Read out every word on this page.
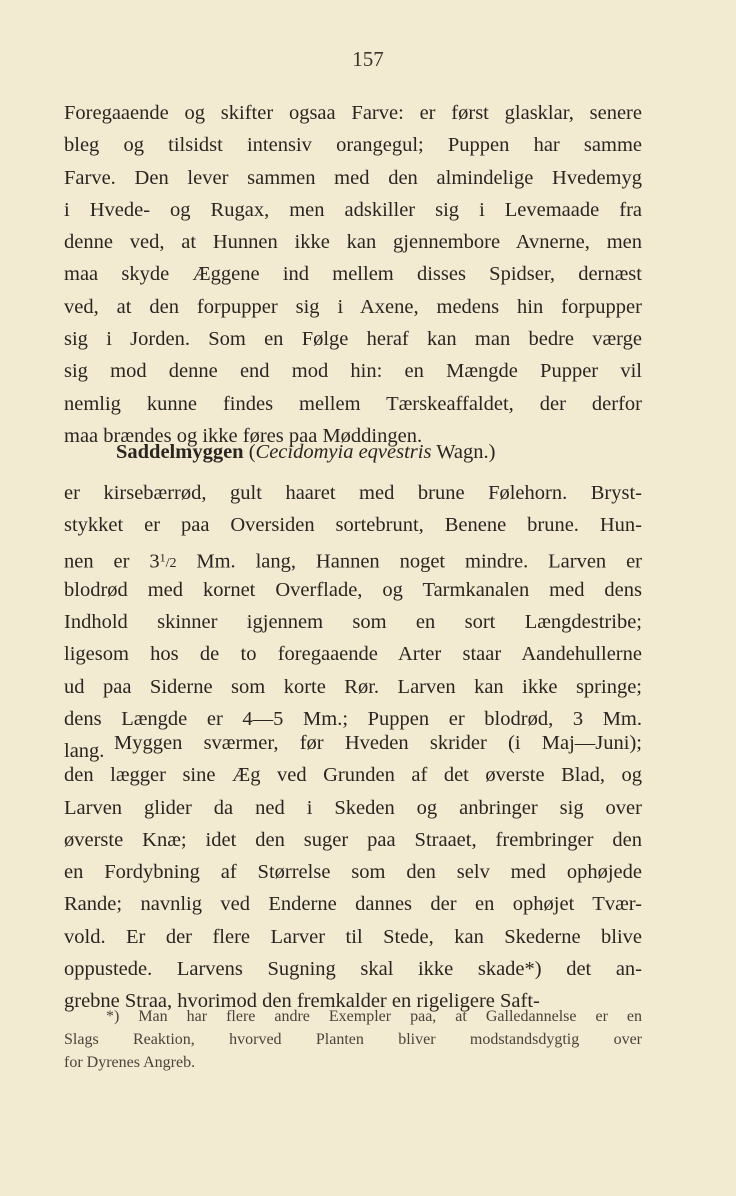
157
Foregaaende og skifter ogsaa Farve: er først glasklar, senere
bleg og tilsidst intensiv orangegul; Puppen har samme
Farve. Den lever sammen med den almindelige Hvedemyg
i Hvede- og Rugax, men adskiller sig i Levemaade fra
denne ved, at Hunnen ikke kan gjennembore Avnerne, men
maa skyde Æggene ind mellem disses Spidser, dernæst
ved, at den forpupper sig i Axene, medens hin forpupper
sig i Jorden. Som en Følge heraf kan man bedre værge
sig mod denne end mod hin: en Mængde Pupper vil
nemlig kunne findes mellem Tærskeaffaldet, der derfor
maa brændes og ikke føres paa Møddingen.
Saddelmyggen (Cecidomyia eqvestris Wagn.)
er kirsebærrød, gult haaret med brune Følehorn. Bryst-
stykket er paa Oversiden sortebrunt, Benene brune. Hun-
nen er $3^1/2$ Mm. lang, Hannen noget mindre. Larven er
blodrød med kornet Overflade, og Tarmkanalen med dens
Indhold skinner igjennem som en sort Længdestribe;
ligesom hos de to foregaaende Arter staar Aandehullerne
ud paa Siderne som korte Rør. Larven kan ikke springe;
dens Længde er 4—5 Mm.; Puppen er blodrød, 3 Mm.
lang. Myggen sværmer, før Hveden skrider (i Maj—Juni);
den lægger sine Æg ved Grunden af det øverste Blad, og
Larven glider da ned i Skeden og anbringer sig over
øverste Knæ; idet den suger paa Straaet, frembringer den
en Fordybning af Størrelse som den selv med ophøjede
Rande; navnlig ved Enderne dannes der en ophøjet Tvær-
vold. Er der flere Larver til Stede, kan Skederne blive
oppustede. Larvens Sugning skal ikke skade*) det an-
grebne Straa, hvorimod den fremkalder en rigeligere Saft-
*) Man har flere andre Exempler paa, at Galledannelse er en
Slags Reaktion, hvorved Planten bliver modstandsdygtig over
for Dyrenes Angreb.
